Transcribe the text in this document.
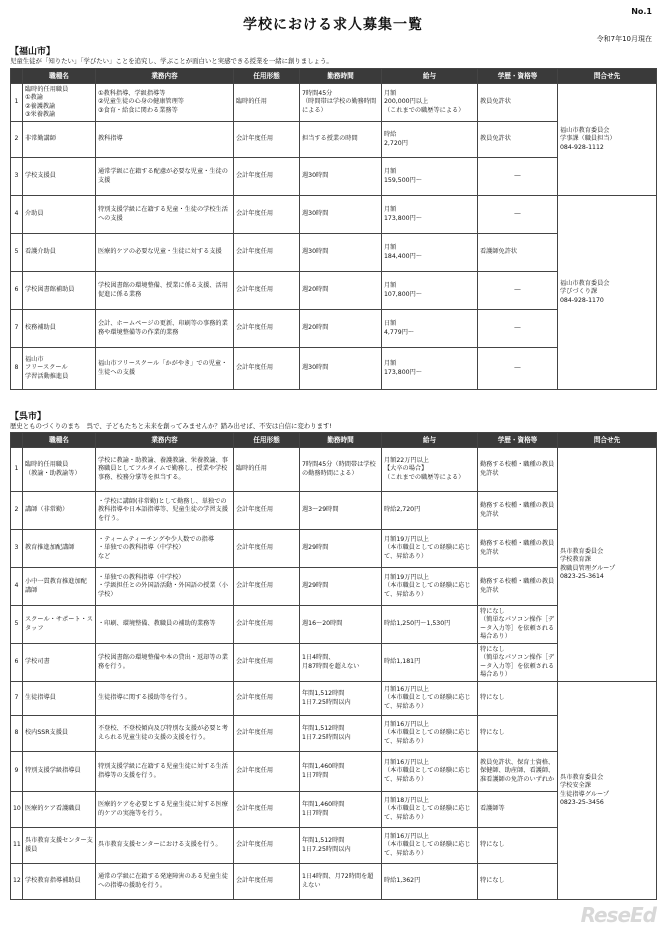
No.1
学校における求人募集一覧
令和7年10月現在
【福山市】
児童生徒が「知りたい」「学びたい」ことを追究し、学ぶことが面白いと実感できる授業を一緒に創りましょう。
	職種名	業務内容	任用形態	勤務時間	給与	学歴・資格等	問合せ先
1	臨時的任用職員
①教諭
②養護教諭
③栄養教諭	①教科指導、学級指導等
②児童生徒の心身の健康管理等
③食育・給食に関わる業務等	臨時的任用	7時間45分
（時間帯は学校の勤務時間による）	月額
200,000円以上
（これまでの職歴等による）	教員免許状	福山市教育委員会
学事課（職員担当）
084-928-1112
2	非常勤講師	教科指導	会計年度任用	担当する授業の時間	時給
2,720円	教員免許状	
3	学校支援員	通常学級に在籍する配慮が必要な児童・生徒の支援	会計年度任用	週30時間	月額
159,500円～	―	
4	介助員	特別支援学級に在籍する児童・生徒の学校生活への支援	会計年度任用	週30時間	月額
173,800円～	―	福山市教育委員会
学びづくり課
084-928-1170
5	看護介助員	医療的ケアの必要な児童・生徒に対する支援	会計年度任用	週30時間	月額
184,400円～	看護師免許状	
6	学校図書館補助員	学校図書館の環境整備、授業に係る支援、活用促進に係る業務	会計年度任用	週20時間	月額
107,800円～	―	
7	校務補助員	会計、ホームページの更新、印刷等の事務的業務や環境整備等の作業的業務	会計年度任用	週20時間	日額
4,779円～	―	
8	福山市
フリースクール
学習活動推進員	福山市フリースクール「かがやき」での児童・生徒への支援	会計年度任用	週30時間	月額
173,800円～	―	
【呉市】
歴史とものづくりのまち　呉で、子どもたちと未来を創ってみませんか？踏み出せば、不安は自信に変わります!
	職種名	業務内容	任用形態	勤務時間	給与	学歴・資格等	問合せ先
1	臨時的任用職員
（教諭・助教諭等）	学校に教諭・助教諭、養護教諭、栄養教諭、事務職員としてフルタイムで勤務し、授業や学校事務、校務分掌等を担当する。	臨時的任用	7時間45分（時間帯は学校の勤務時間による）	月額22万円以上
【大卒の場合】
（これまでの職歴等による）	勤務する校種・職種の教員免許状	呉市教育委員会
学校教育課
教職員管理グループ
0823-25-3614
2	講師（非常勤）	・学校に講師(非常勤)として勤務し、単独での教科指導や日本語指導等、児童生徒の学習支援を行う。	会計年度任用	週3～29時間	時給2,720円	勤務する校種・職種の教員免許状	
3	教育推進加配講師	・ティームティーチングや少人数での指導
・単独での教科指導（中学校）
など	会計年度任用	週29時間	月額19万円以上
（本市職員としての経験に応じて、昇給あり）	勤務する校種・職種の教員免許状	
4	小中一貫教育推進加配講師	・単独での教科指導（中学校）
・学級担任との外国語活動・外国語の授業（小学校）	会計年度任用	週29時間	月額19万円以上
（本市職員としての経験に応じて、昇給あり）	勤務する校種・職種の教員免許状	
5	スクール・サポート・スタッフ	・印刷、環境整備、教職員の補助的業務等	会計年度任用	週16～20時間	時給1,250円～1,530円	特になし
（簡単なパソコン操作［データ入力等］を依頼される場合あり）	
6	学校司書	学校図書館の環境整備や本の貸出・返却等の業務を行う。	会計年度任用	1日4時間、
月87時間を超えない	時給1,181円	特になし
（簡単なパソコン操作［データ入力等］を依頼される場合あり）	
7	生徒指導員	生徒指導に関する援助等を行う。	会計年度任用	年間1,512時間
1日7.25時間以内	月額16万円以上
（本市職員としての経験に応じて、昇給あり）	特になし	呉市教育委員会
学校安全課
生徒指導グループ
0823-25-3456
8	校内SSR支援員	不登校、不登校傾向及び特別な支援が必要と考えられる児童生徒の支援の支援を行う。	会計年度任用	年間1,512時間
1日7.25時間以内	月額16万円以上
（本市職員としての経験に応じて、昇給あり）	特になし	
9	特別支援学級指導員	特別支援学級に在籍する児童生徒に対する生活指導等の支援を行う。	会計年度任用	年間1,460時間
1日7時間	月額16万円以上
（本市職員としての経験に応じて、昇給あり）	教員免許状、保育士資格、保健師、助産師、看護師、准看護師の免許のいずれか	
10	医療的ケア看護職員	医療的ケアを必要とする児童生徒に対する医療的ケアの実施等を行う。	会計年度任用	年間1,460時間
1日7時間	月額18万円以上
（本市職員としての経験に応じて、昇給あり）	看護師等	
11	呉市教育支援センター支援員	呉市教育支援センターにおける支援を行う。	会計年度任用	年間1,512時間
1日7.25時間以内	月額16万円以上
（本市職員としての経験に応じて、昇給あり）	特になし	
12	学校教育指導補助員	通常の学級に在籍する発達障害のある児童生徒への指導の援助を行う。	会計年度任用	1日4時間、月72時間を超えない	時給1,362円	特になし	
ReseEd
